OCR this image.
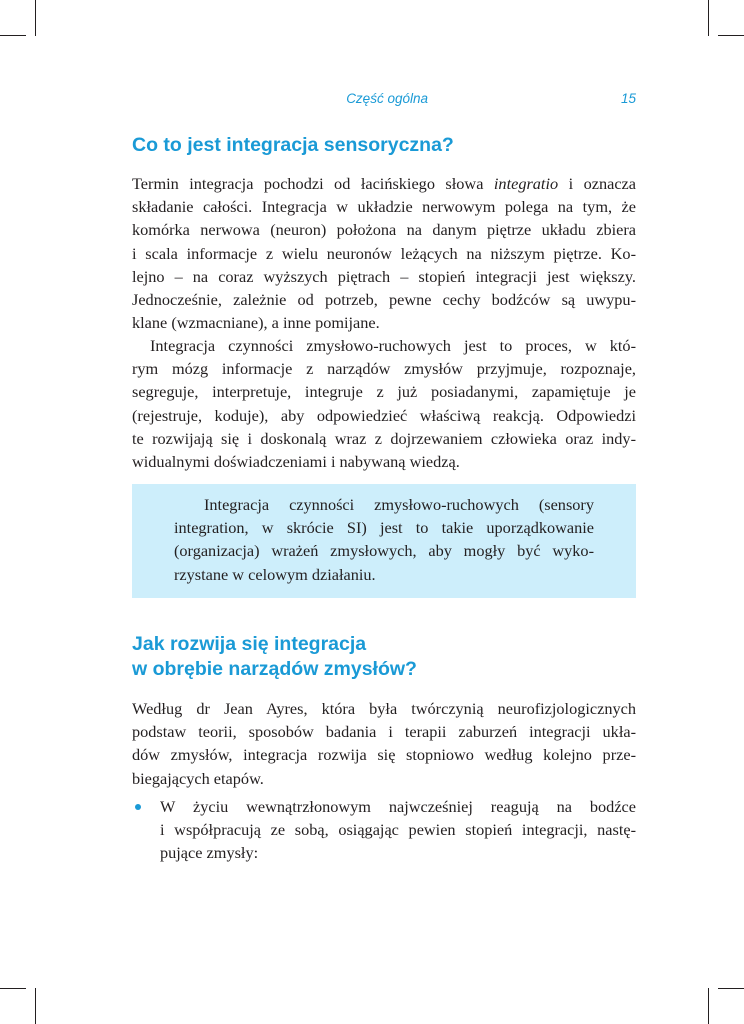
Część ogólna	15
Co to jest integracja sensoryczna?

Termin integracja pochodzi od łacińskiego słowa integratio i oznacza
składanie całości. Integracja w układzie nerwowym polega na tym, że
komórka nerwowa (neuron) położona na danym piętrze układu zbiera
i scala informacje z wielu neuronów leżących na niższym piętrze. Ko-
lejno – na coraz wyższych piętrach – stopień integracji jest większy.
Jednocześnie, zależnie od potrzeb, pewne cechy bodźców są uwypu-
klane (wzmacniane), a inne pomijane.

Integracja czynności zmysłowo-ruchowych jest to proces, w któ-
rym mózg informacje z narządów zmysłów przyjmuje, rozpoznaje,
segreguje, interpretuje, integruje z już posiadanymi, zapamiętuje je
(rejestruje, koduje), aby odpowiedzieć właściwą reakcją. Odpowiedzi
te rozwijają się i doskonalą wraz z dojrzewaniem człowieka oraz indy-
widualnymi doświadczeniami i nabywaną wiedzą.

Integracja czynności zmysłowo-ruchowych (sensory
integration, w skrócie SI) jest to takie uporządkowanie
(organizacja) wrażeń zmysłowych, aby mogły być wyko-
rzystane w celowym działaniu.
Jak rozwija się integracja
w obrębie narządów zmysłów?

Według dr Jean Ayres, która była twórczynią neurofizjologicznych
podstaw teorii, sposobów badania i terapii zaburzeń integracji ukła-
dów zmysłów, integracja rozwija się stopniowo według kolejno prze-
biegających etapów.

W życiu wewnątrzłonowym najwcześniej reagują na bodźce
i współpracują ze sobą, osiągając pewien stopień integracji, nastę-
pujące zmysły:
